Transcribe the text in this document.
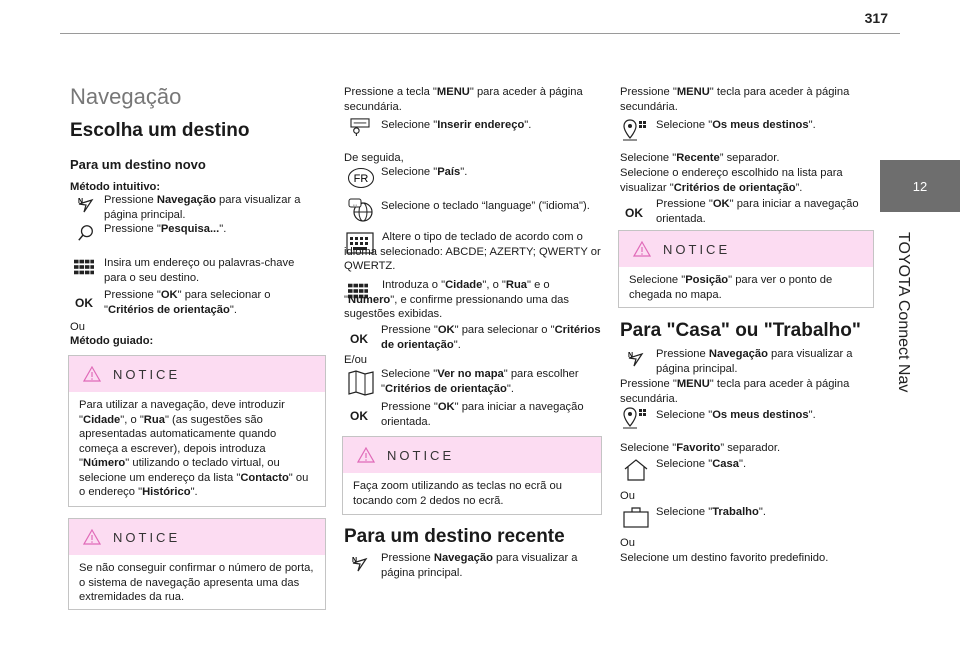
317
12
TOYOTA Connect Nav
Navegação
Escolha um destino
Para um destino novo
Método intuitivo:
N Pressione Navegação para visualizar a página principal.
Pressione "Pesquisa...".
Insira um endereço ou palavras-chave para o seu destino.
OK
Pressione "OK" para selecionar o "Critérios de orientação".
Ou
Método guiado:
NOTICE
Para utilizar a navegação, deve introduzir "Cidade", o "Rua" (as sugestões são apresentadas automaticamente quando começa a escrever), depois introduza "Número" utilizando o teclado virtual, ou selecione um endereço da lista "Contacto" ou o endereço "Histórico".
NOTICE
Se não conseguir confirmar o número de porta, o sistema de navegação apresenta uma das extremidades da rua.
Pressione a tecla "MENU" para aceder à página secundária.
Selecione "Inserir endereço".
De seguida,
FR
Selecione "País".
... Selecione o teclado “language” ("idioma").
Altere o tipo de teclado de acordo com o idioma selecionado: ABCDE; AZERTY; QWERTY or QWERTZ.
Introduza o "Cidade", o "Rua" e o "Número", e confirme pressionando uma das sugestões exibidas.
OK
Pressione "OK" para selecionar o "Critérios de orientação".
E/ou
Selecione "Ver no mapa" para escolher "Critérios de orientação".
OK
Pressione "OK" para iniciar a navegação orientada.
NOTICE
Faça zoom utilizando as teclas no ecrã ou tocando com 2 dedos no ecrã.
Para um destino recente
N Pressione Navegação para visualizar a página principal.
Pressione "MENU" tecla para aceder à página secundária.
Selecione "Os meus destinos".
Selecione "Recente” separador.
Selecione o endereço escolhido na lista para visualizar "Critérios de orientação”.
OK
Pressione "OK" para iniciar a navegação orientada.
NOTICE
Selecione "Posição" para ver o ponto de chegada no mapa.
Para "Casa" ou "Trabalho"
N Pressione Navegação para visualizar a página principal.
Pressione "MENU" tecla para aceder à página secundária.
Selecione "Os meus destinos".
Selecione "Favorito” separador.
Selecione "Casa".
Ou
Selecione "Trabalho".
Ou
Selecione um destino favorito predefinido.
